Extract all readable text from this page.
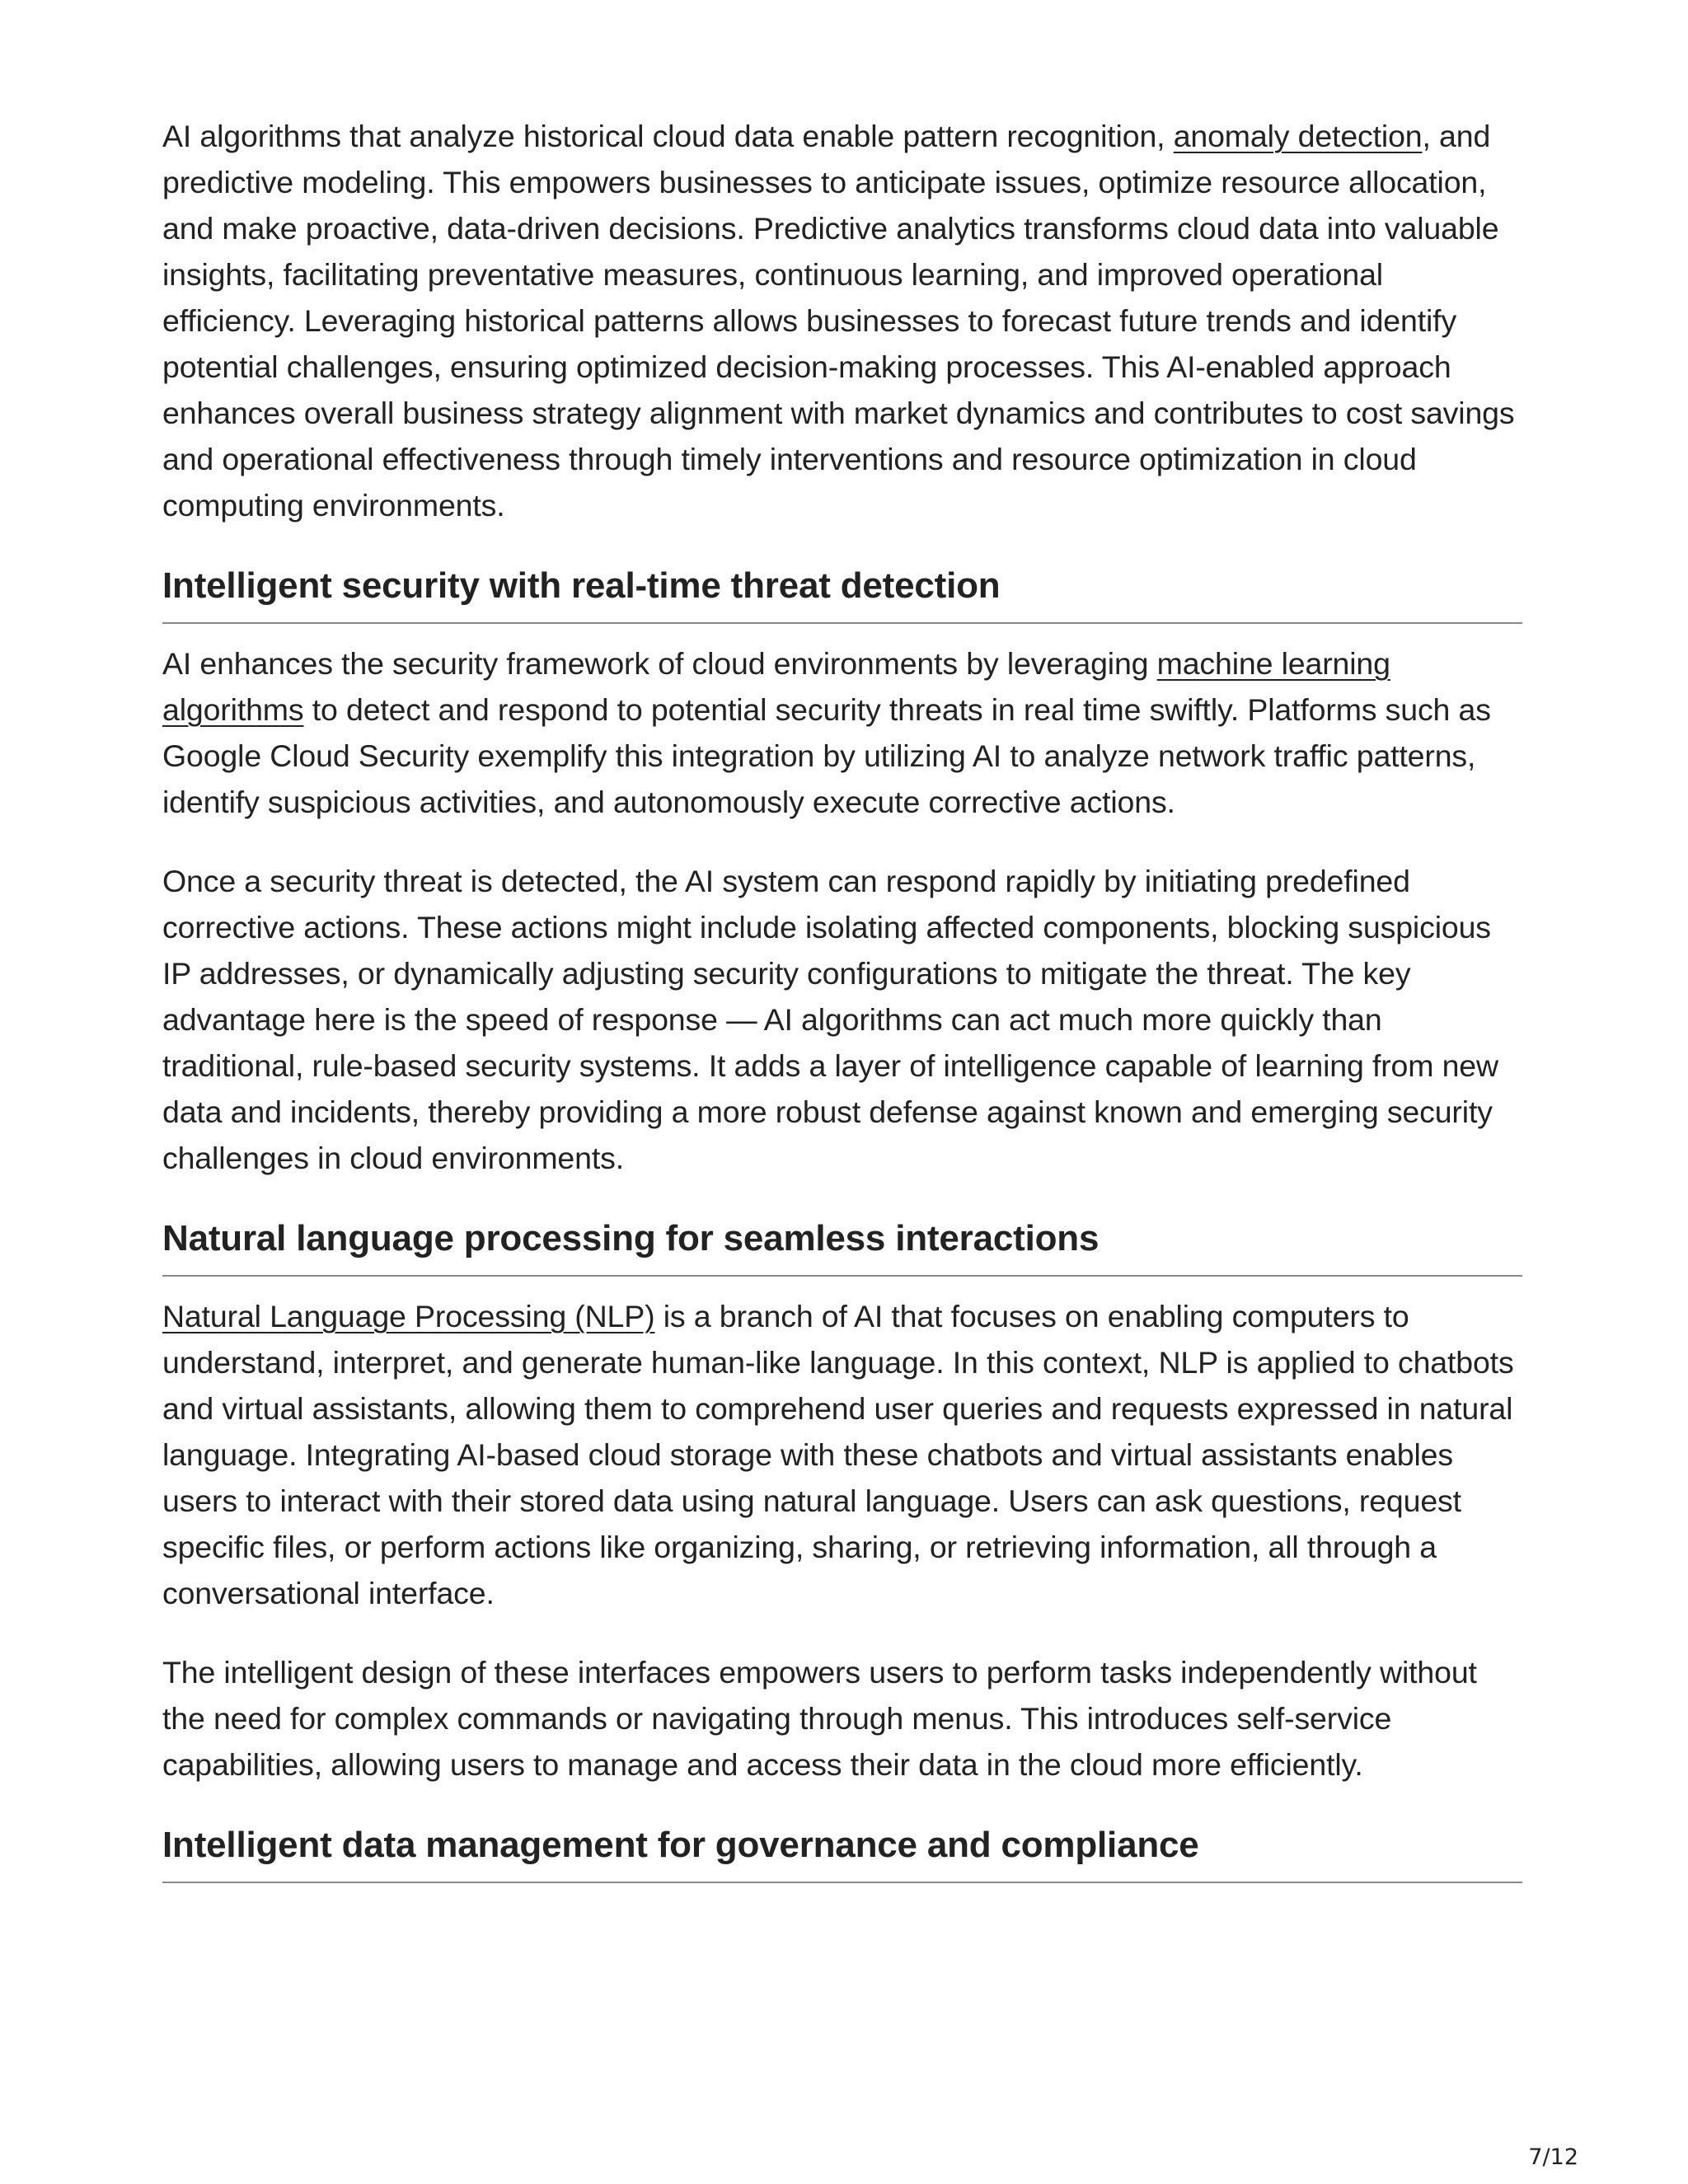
AI algorithms that analyze historical cloud data enable pattern recognition, anomaly detection, and predictive modeling. This empowers businesses to anticipate issues, optimize resource allocation, and make proactive, data-driven decisions. Predictive analytics transforms cloud data into valuable insights, facilitating preventative measures, continuous learning, and improved operational efficiency. Leveraging historical patterns allows businesses to forecast future trends and identify potential challenges, ensuring optimized decision-making processes. This AI-enabled approach enhances overall business strategy alignment with market dynamics and contributes to cost savings and operational effectiveness through timely interventions and resource optimization in cloud computing environments.

Intelligent security with real-time threat detection

AI enhances the security framework of cloud environments by leveraging machine learning algorithms to detect and respond to potential security threats in real time swiftly. Platforms such as Google Cloud Security exemplify this integration by utilizing AI to analyze network traffic patterns, identify suspicious activities, and autonomously execute corrective actions.

Once a security threat is detected, the AI system can respond rapidly by initiating predefined corrective actions. These actions might include isolating affected components, blocking suspicious IP addresses, or dynamically adjusting security configurations to mitigate the threat. The key advantage here is the speed of response — AI algorithms can act much more quickly than traditional, rule-based security systems. It adds a layer of intelligence capable of learning from new data and incidents, thereby providing a more robust defense against known and emerging security challenges in cloud environments.

Natural language processing for seamless interactions

Natural Language Processing (NLP) is a branch of AI that focuses on enabling computers to understand, interpret, and generate human-like language. In this context, NLP is applied to chatbots and virtual assistants, allowing them to comprehend user queries and requests expressed in natural language. Integrating AI-based cloud storage with these chatbots and virtual assistants enables users to interact with their stored data using natural language. Users can ask questions, request specific files, or perform actions like organizing, sharing, or retrieving information, all through a conversational interface.

The intelligent design of these interfaces empowers users to perform tasks independently without the need for complex commands or navigating through menus. This introduces self-service capabilities, allowing users to manage and access their data in the cloud more efficiently.

Intelligent data management for governance and compliance
7/12
